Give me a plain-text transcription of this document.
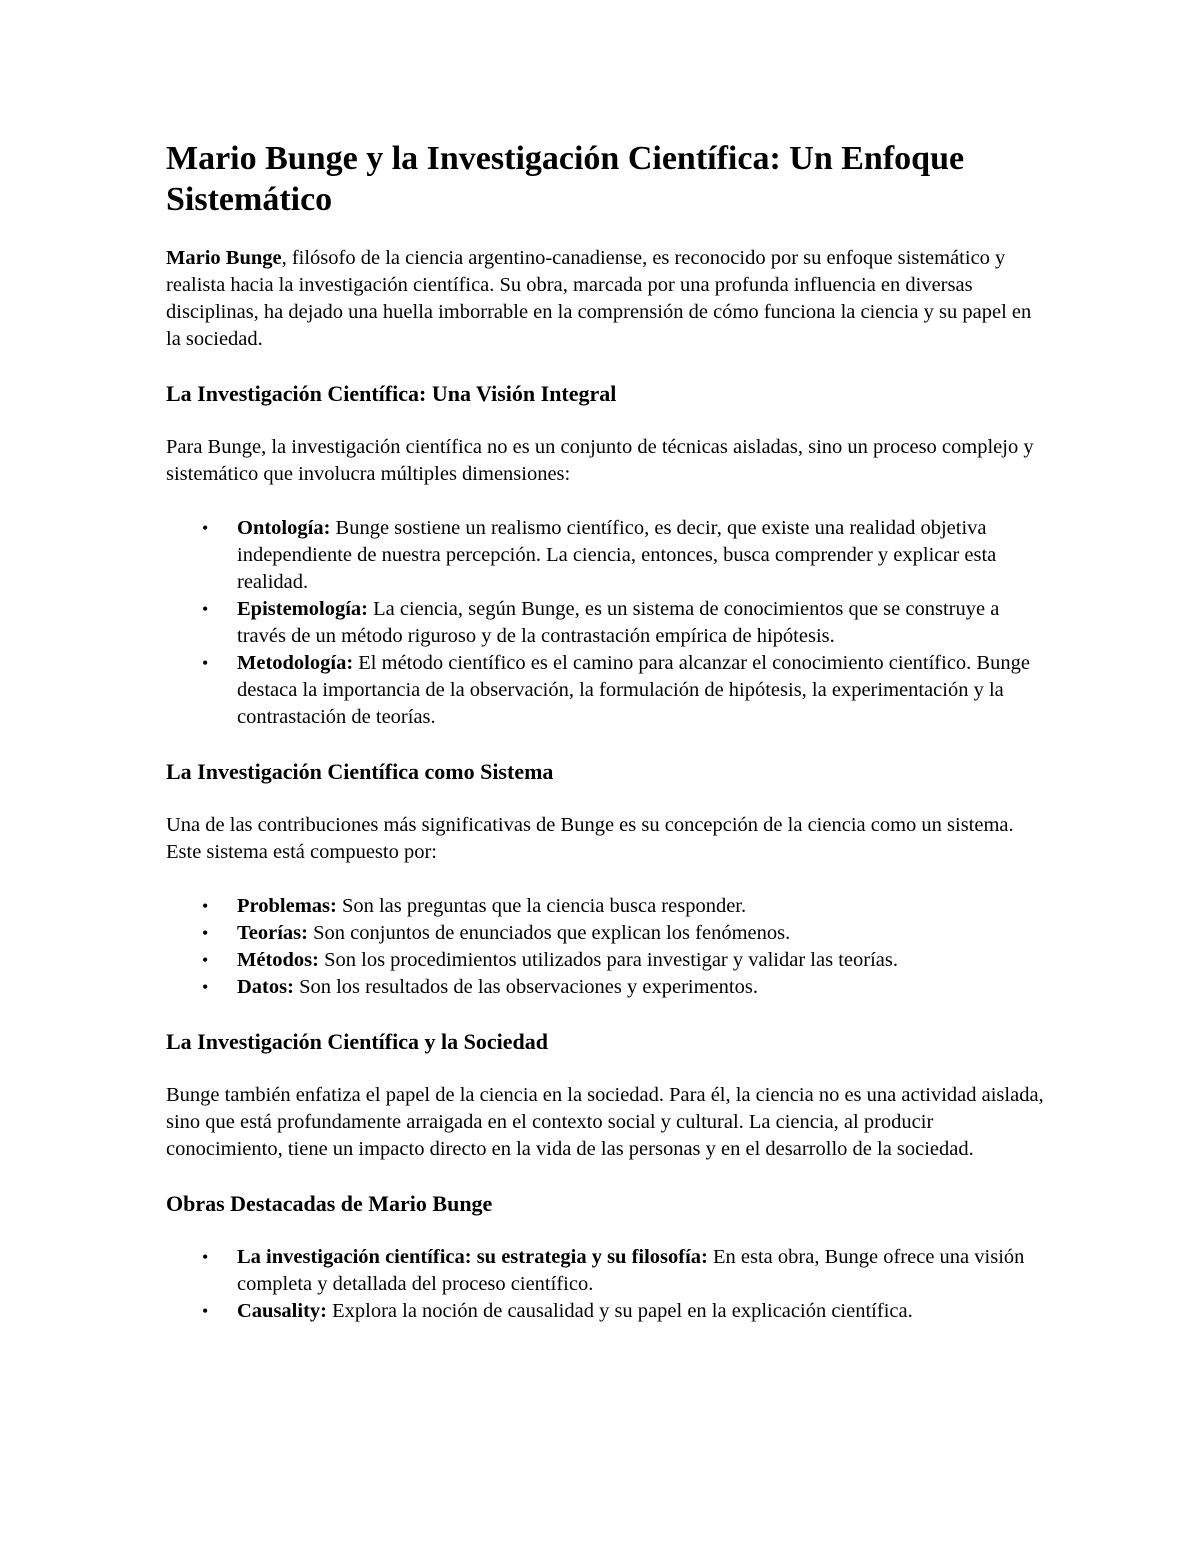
Mario Bunge y la Investigación Científica: Un Enfoque Sistemático

Mario Bunge, filósofo de la ciencia argentino-canadiense, es reconocido por su enfoque sistemático y realista hacia la investigación científica. Su obra, marcada por una profunda influencia en diversas disciplinas, ha dejado una huella imborrable en la comprensión de cómo funciona la ciencia y su papel en la sociedad.

La Investigación Científica: Una Visión Integral

Para Bunge, la investigación científica no es un conjunto de técnicas aisladas, sino un proceso complejo y sistemático que involucra múltiples dimensiones:

• Ontología: Bunge sostiene un realismo científico, es decir, que existe una realidad objetiva independiente de nuestra percepción. La ciencia, entonces, busca comprender y explicar esta realidad.
• Epistemología: La ciencia, según Bunge, es un sistema de conocimientos que se construye a través de un método riguroso y de la contrastación empírica de hipótesis.
• Metodología: El método científico es el camino para alcanzar el conocimiento científico. Bunge destaca la importancia de la observación, la formulación de hipótesis, la experimentación y la contrastación de teorías.
La Investigación Científica como Sistema

Una de las contribuciones más significativas de Bunge es su concepción de la ciencia como un sistema. Este sistema está compuesto por:

• Problemas: Son las preguntas que la ciencia busca responder.
• Teorías: Son conjuntos de enunciados que explican los fenómenos.
• Métodos: Son los procedimientos utilizados para investigar y validar las teorías.
• Datos: Son los resultados de las observaciones y experimentos.
La Investigación Científica y la Sociedad

Bunge también enfatiza el papel de la ciencia en la sociedad. Para él, la ciencia no es una actividad aislada, sino que está profundamente arraigada en el contexto social y cultural. La ciencia, al producir conocimiento, tiene un impacto directo en la vida de las personas y en el desarrollo de la sociedad.

Obras Destacadas de Mario Bunge
• La investigación científica: su estrategia y su filosofía: En esta obra, Bunge ofrece una visión completa y detallada del proceso científico.
• Causality: Explora la noción de causalidad y su papel en la explicación científica.
